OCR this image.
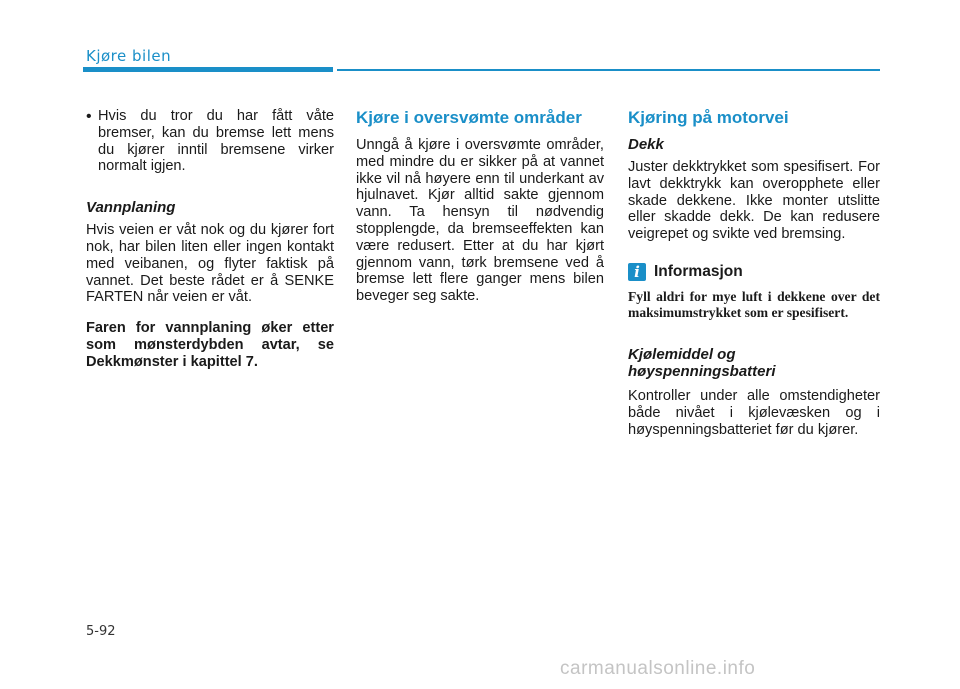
Kjøre bilen
• Hvis du tror du har fått våte bremser, kan du bremse lett mens du kjører inntil bremsene virker normalt igjen.

Vannplaning

Hvis veien er våt nok og du kjører fort nok, har bilen liten eller ingen kontakt med veibanen, og flyter faktisk på vannet. Det beste rådet er å SENKE FARTEN når veien er våt.

Faren for vannplaning øker etter som mønsterdybden avtar, se Dekkmønster i kapittel 7.

Kjøre i oversvømte områder

Unngå å kjøre i oversvømte områder, med mindre du er sikker på at vannet ikke vil nå høyere enn til underkant av hjulnavet. Kjør alltid sakte gjennom vann. Ta hensyn til nødvendig stopplengde, da bremseeffekten kan være redusert. Etter at du har kjørt gjennom vann, tørk bremsene ved å bremse lett flere ganger mens bilen beveger seg sakte.

Kjøring på motorvei
Dekk

Juster dekktrykket som spesifisert. For lavt dekktrykk kan overopphete eller skade dekkene. Ikke monter utslitte eller skadde dekk. De kan redusere veigrepet og svikte ved bremsing.

i Informasjon

Fyll aldri for mye luft i dekkene over det maksimumstrykket som er spesifisert.

Kjølemiddel og høyspenningsbatteri

Kontroller under alle omstendigheter både nivået i kjølevæsken og i høyspenningsbatteriet før du kjører.

5-92
carmanualsonline.info
